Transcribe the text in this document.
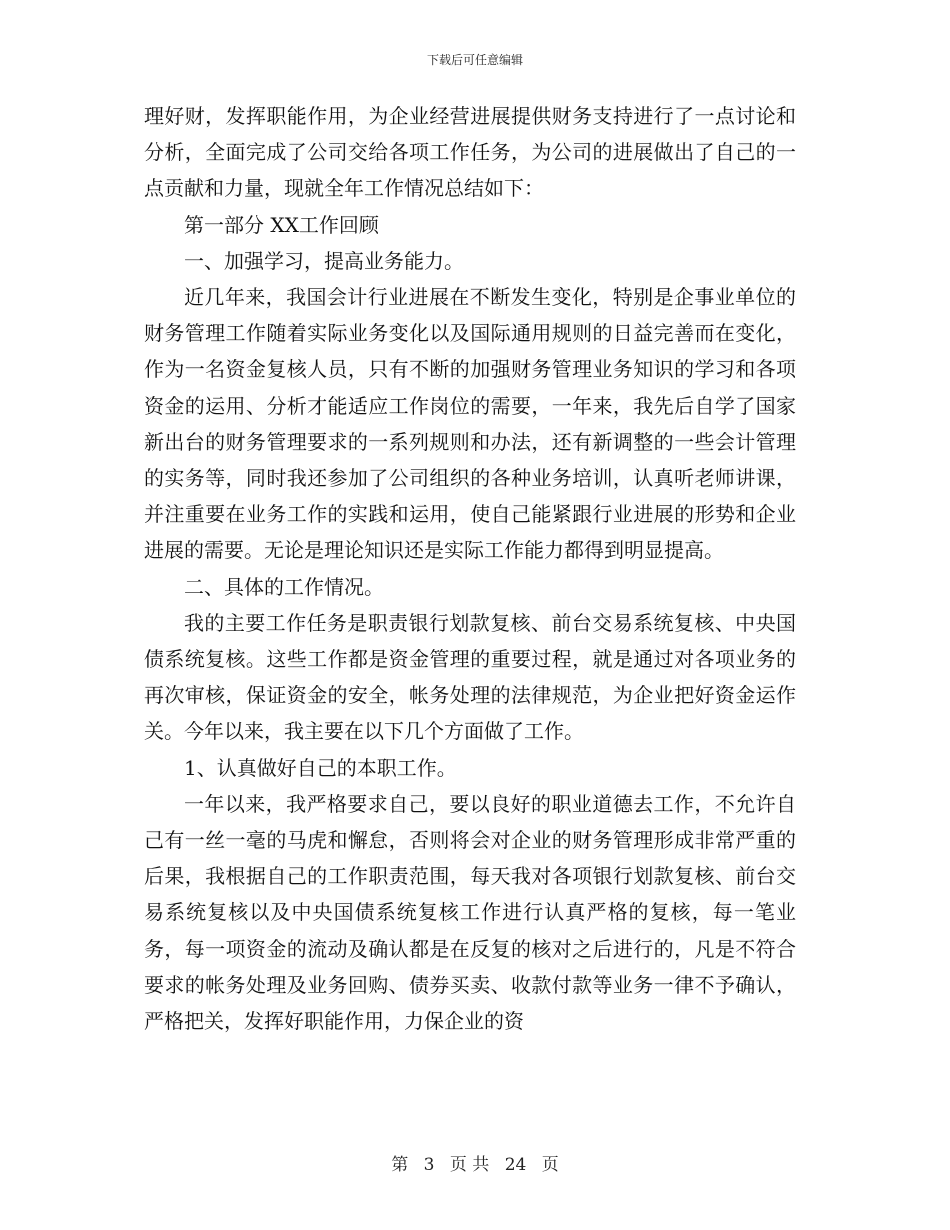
下载后可任意编辑

理好财，发挥职能作用，为企业经营进展提供财务支持进行了一点讨论和分析，全面完成了公司交给各项工作任务，为公司的进展做出了自己的一点贡献和力量，现就全年工作情况总结如下：

第一部分 XX工作回顾

一、加强学习，提高业务能力。

近几年来，我国会计行业进展在不断发生变化，特别是企事业单位的财务管理工作随着实际业务变化以及国际通用规则的日益完善而在变化，作为一名资金复核人员，只有不断的加强财务管理业务知识的学习和各项资金的运用、分析才能适应工作岗位的需要，一年来，我先后自学了国家新出台的财务管理要求的一系列规则和办法，还有新调整的一些会计管理的实务等，同时我还参加了公司组织的各种业务培训，认真听老师讲课，并注重要在业务工作的实践和运用，使自己能紧跟行业进展的形势和企业进展的需要。无论是理论知识还是实际工作能力都得到明显提高。

二、具体的工作情况。

我的主要工作任务是职责银行划款复核、前台交易系统复核、中央国债系统复核。这些工作都是资金管理的重要过程，就是通过对各项业务的再次审核，保证资金的安全，帐务处理的法律规范，为企业把好资金运作关。今年以来，我主要在以下几个方面做了工作。

1、认真做好自己的本职工作。

一年以来，我严格要求自己，要以良好的职业道德去工作，不允许自己有一丝一毫的马虎和懈怠，否则将会对企业的财务管理形成非常严重的后果，我根据自己的工作职责范围，每天我对各项银行划款复核、前台交易系统复核以及中央国债系统复核工作进行认真严格的复核，每一笔业务，每一项资金的流动及确认都是在反复的核对之后进行的，凡是不符合要求的帐务处理及业务回购、债券买卖、收款付款等业务一律不予确认，严格把关，发挥好职能作用，力保企业的资

第 3 页 共 24 页
